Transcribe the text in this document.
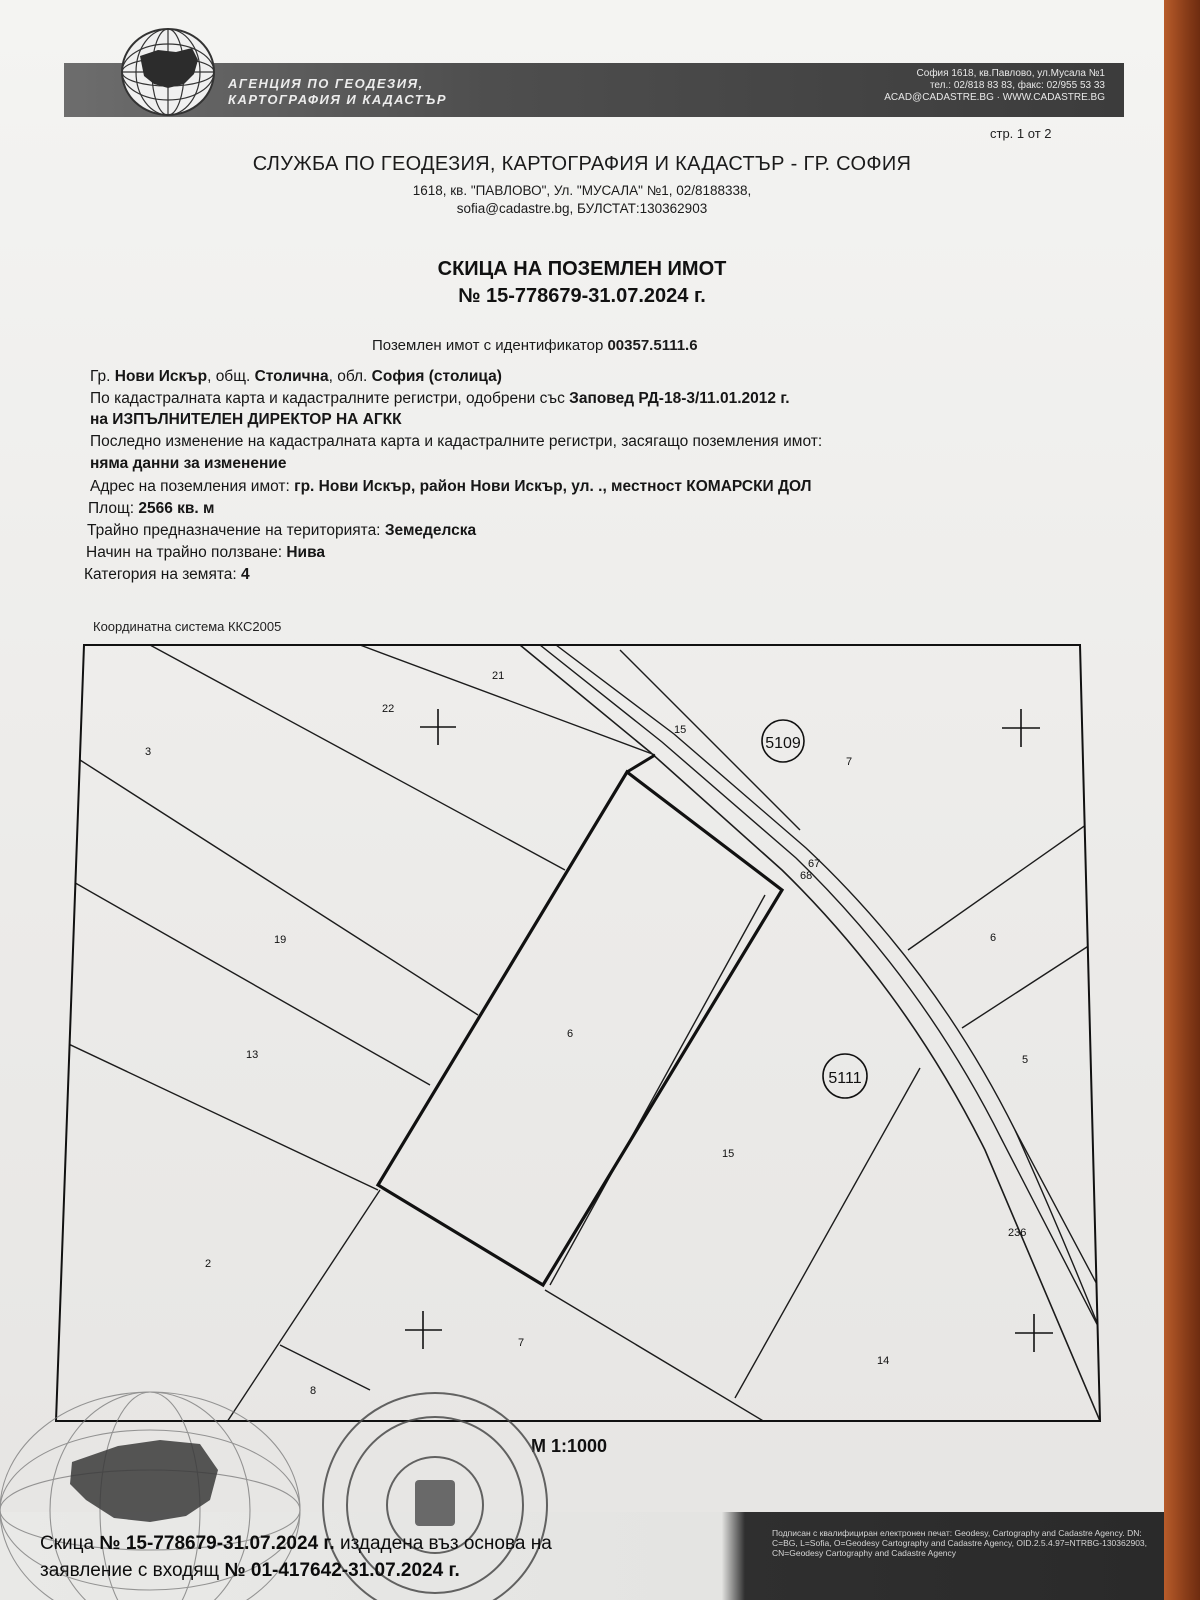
АГЕНЦИЯ ПО ГЕОДЕЗИЯ,
КАРТОГРАФИЯ И КАДАСТЪР
София 1618, кв.Павлово, ул.Мусала №1
тел.: 02/818 83 83, факс: 02/955 53 33
ACAD@CADASTRE.BG · WWW.CADASTRE.BG
стр. 1 от 2
СЛУЖБА ПО ГЕОДЕЗИЯ, КАРТОГРАФИЯ И КАДАСТЪР - ГР. СОФИЯ
1618, кв. "ПАВЛОВО", Ул. "МУСАЛА" №1, 02/8188338,
sofia@cadastre.bg, БУЛСТАТ:130362903
СКИЦА НА ПОЗЕМЛЕН ИМОТ
№ 15-778679-31.07.2024 г.
Поземлен имот с идентификатор 00357.5111.6
Гр. Нови Искър, общ. Столична, обл. София (столица)
По кадастралната карта и кадастралните регистри, одобрени със Заповед РД-18-3/11.01.2012 г.
на ИЗПЪЛНИТЕЛЕН ДИРЕКТОР НА АГКК
Последно изменение на кадастралната карта и кадастралните регистри, засягащо поземления имот:
няма данни за изменение
Адрес на поземления имот: гр. Нови Искър, район Нови Искър, ул. ., местност КОМАРСКИ ДОЛ
Площ: 2566 кв. м
Трайно предназначение на територията: Земеделска
Начин на трайно ползване: Нива
Категория на земята: 4
Координатна система ККС2005
5109
5111
3
22
21
15
7
19
13
6
6
67
68
5
15
2
7
8
14
236
М 1:1000
Скица № 15-778679-31.07.2024 г. издадена въз основа на
заявление с входящ № 01-417642-31.07.2024 г.
Подписан с квалифициран електронен печат: Geodesy, Cartography and Cadastre Agency. DN: C=BG, L=Sofia, O=Geodesy Cartography and Cadastre Agency, OID.2.5.4.97=NTRBG-130362903, CN=Geodesy Cartography and Cadastre Agency
